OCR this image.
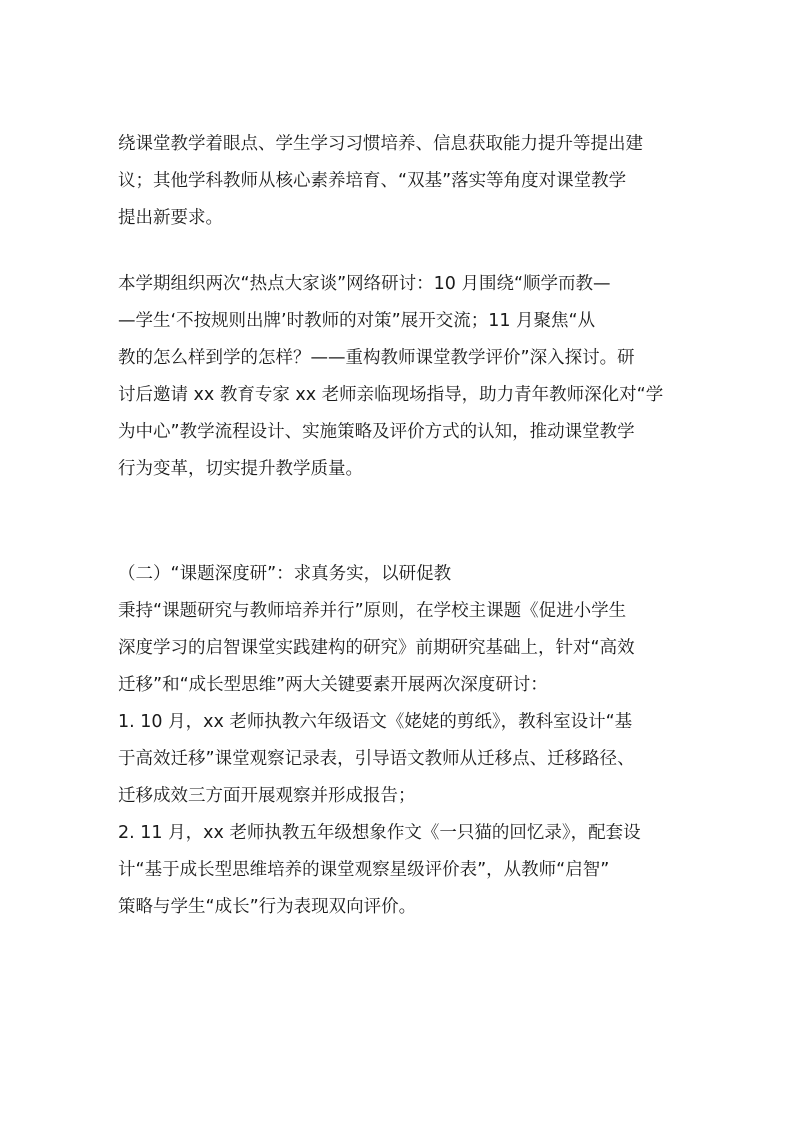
绕课堂教学着眼点、学生学习习惯培养、信息获取能力提升等提出建
议；其他学科教师从核心素养培育、“双基”落实等角度对课堂教学
提出新要求。
本学期组织两次“热点大家谈”网络研讨：10 月围绕“顺学而教—
—学生‘不按规则出牌’时教师的对策”展开交流；11 月聚焦“从
教的怎么样到学的怎样？——重构教师课堂教学评价”深入探讨。研
讨后邀请 xx 教育专家 xx 老师亲临现场指导，助力青年教师深化对“学
为中心”教学流程设计、实施策略及评价方式的认知，推动课堂教学
行为变革，切实提升教学质量。
（二）“课题深度研”：求真务实，以研促教
秉持“课题研究与教师培养并行”原则，在学校主课题《促进小学生
深度学习的启智课堂实践建构的研究》前期研究基础上，针对“高效
迁移”和“成长型思维”两大关键要素开展两次深度研讨：
1. 10 月，xx 老师执教六年级语文《姥姥的剪纸》，教科室设计“基
于高效迁移”课堂观察记录表，引导语文教师从迁移点、迁移路径、
迁移成效三方面开展观察并形成报告；
2. 11 月，xx 老师执教五年级想象作文《一只猫的回忆录》，配套设
计“基于成长型思维培养的课堂观察星级评价表”，从教师“启智”
策略与学生“成长”行为表现双向评价。
